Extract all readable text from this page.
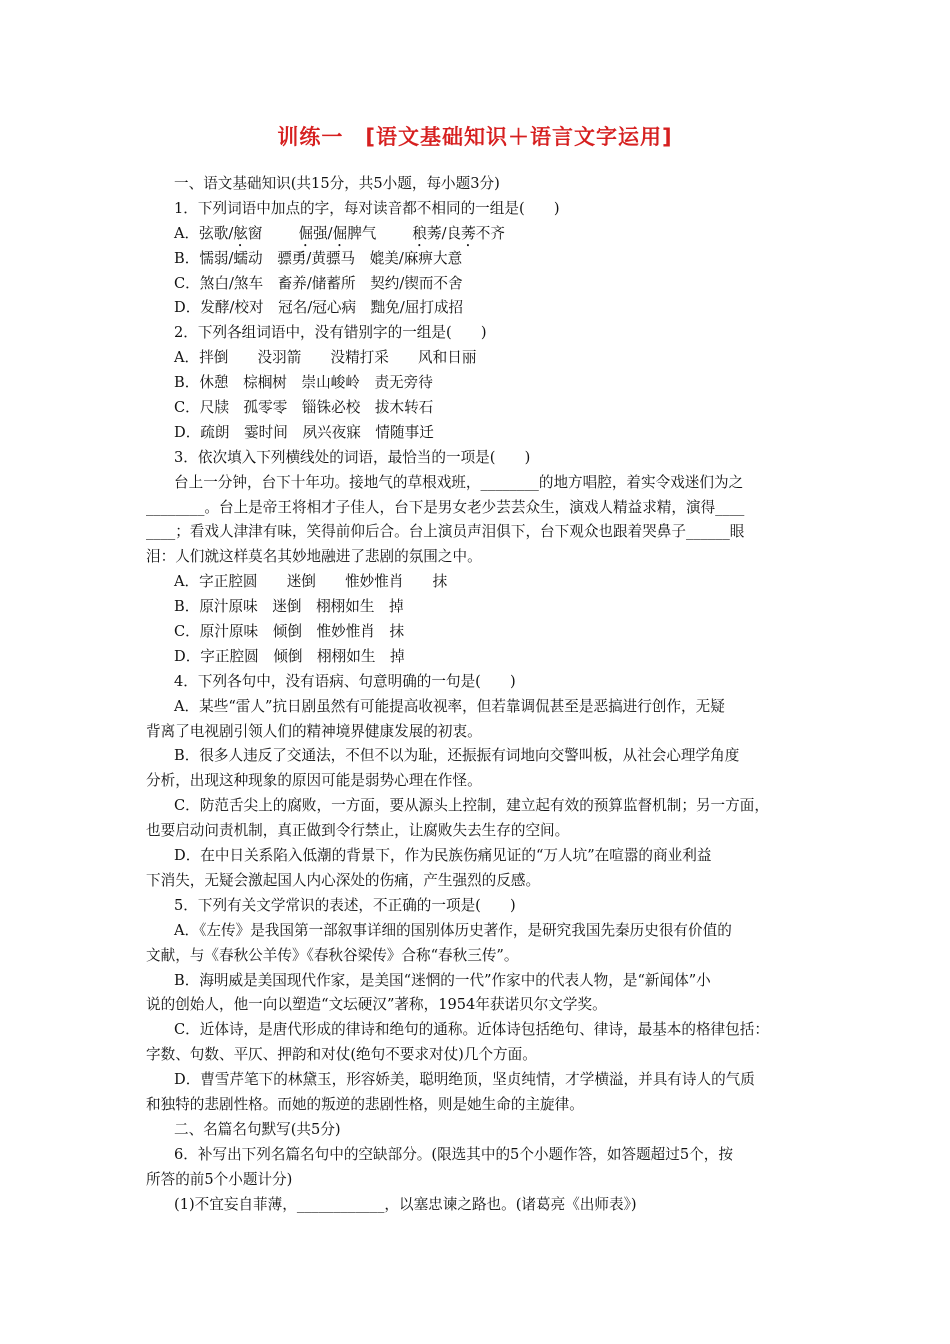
训练一　[语文基础知识＋语言文字运用]
一、语文基础知识(共15分，共5小题，每小题3分)
1．下列词语中加点的字，每对读音都不相同的一组是(　　)
A．弦歌/舷窗 倔强/倔脾气 稂莠/良莠不齐
B．懦弱/蠕动　骠勇/黄骠马　媲美/麻痹大意
C．煞白/煞车　畜养/储蓄所　契约/锲而不舍
D．发酵/校对　冠名/冠心病　黜免/屈打成招
2．下列各组词语中，没有错别字的一组是(　　)
A．拌倒　　没羽箭　　没精打采　　风和日丽
B．休憩　棕榈树　崇山峻岭　责无旁待
C．尺牍　孤零零　锱铢必校　拔木转石
D．疏朗　霎时间　夙兴夜寐　情随事迁
3．依次填入下列横线处的词语，最恰当的一项是(　　)
台上一分钟，台下十年功。接地气的草根戏班，________的地方唱腔，着实令戏迷们为之
________。台上是帝王将相才子佳人，台下是男女老少芸芸众生，演戏人精益求精，演得____
____；看戏人津津有味，笑得前仰后合。台上演员声泪俱下，台下观众也跟着哭鼻子______眼
泪：人们就这样莫名其妙地融进了悲剧的氛围之中。
A．字正腔圆　　迷倒　　惟妙惟肖　　抹
B．原汁原味　迷倒　栩栩如生　掉
C．原汁原味　倾倒　惟妙惟肖　抹
D．字正腔圆　倾倒　栩栩如生　掉
4．下列各句中，没有语病、句意明确的一句是(　　)
A．某些“雷人”抗日剧虽然有可能提高收视率，但若靠调侃甚至是恶搞进行创作，无疑
背离了电视剧引领人们的精神境界健康发展的初衷。
B．很多人违反了交通法，不但不以为耻，还振振有词地向交警叫板，从社会心理学角度
分析，出现这种现象的原因可能是弱势心理在作怪。
C．防范舌尖上的腐败，一方面，要从源头上控制，建立起有效的预算监督机制；另一方面，
也要启动问责机制，真正做到令行禁止，让腐败失去生存的空间。
D．在中日关系陷入低潮的背景下，作为民族伤痛见证的“万人坑”在喧嚣的商业利益
下消失，无疑会激起国人内心深处的伤痛，产生强烈的反感。
5．下列有关文学常识的表述，不正确的一项是(　　)
A．《左传》是我国第一部叙事详细的国别体历史著作，是研究我国先秦历史很有价值的
文献，与《春秋公羊传》《春秋谷梁传》合称“春秋三传”。
B．海明威是美国现代作家，是美国“迷惘的一代”作家中的代表人物，是“新闻体”小
说的创始人，他一向以塑造“文坛硬汉”著称，1954年获诺贝尔文学奖。
C．近体诗，是唐代形成的律诗和绝句的通称。近体诗包括绝句、律诗，最基本的格律包括：
字数、句数、平仄、押韵和对仗(绝句不要求对仗)几个方面。
D．曹雪芹笔下的林黛玉，形容娇美，聪明绝顶，坚贞纯情，才学横溢，并具有诗人的气质
和独特的悲剧性格。而她的叛逆的悲剧性格，则是她生命的主旋律。
二、名篇名句默写(共5分)
6．补写出下列名篇名句中的空缺部分。(限选其中的5个小题作答，如答题超过5个，按
所答的前5个小题计分)
(1)不宜妄自菲薄，____________，以塞忠谏之路也。(诸葛亮《出师表》)
